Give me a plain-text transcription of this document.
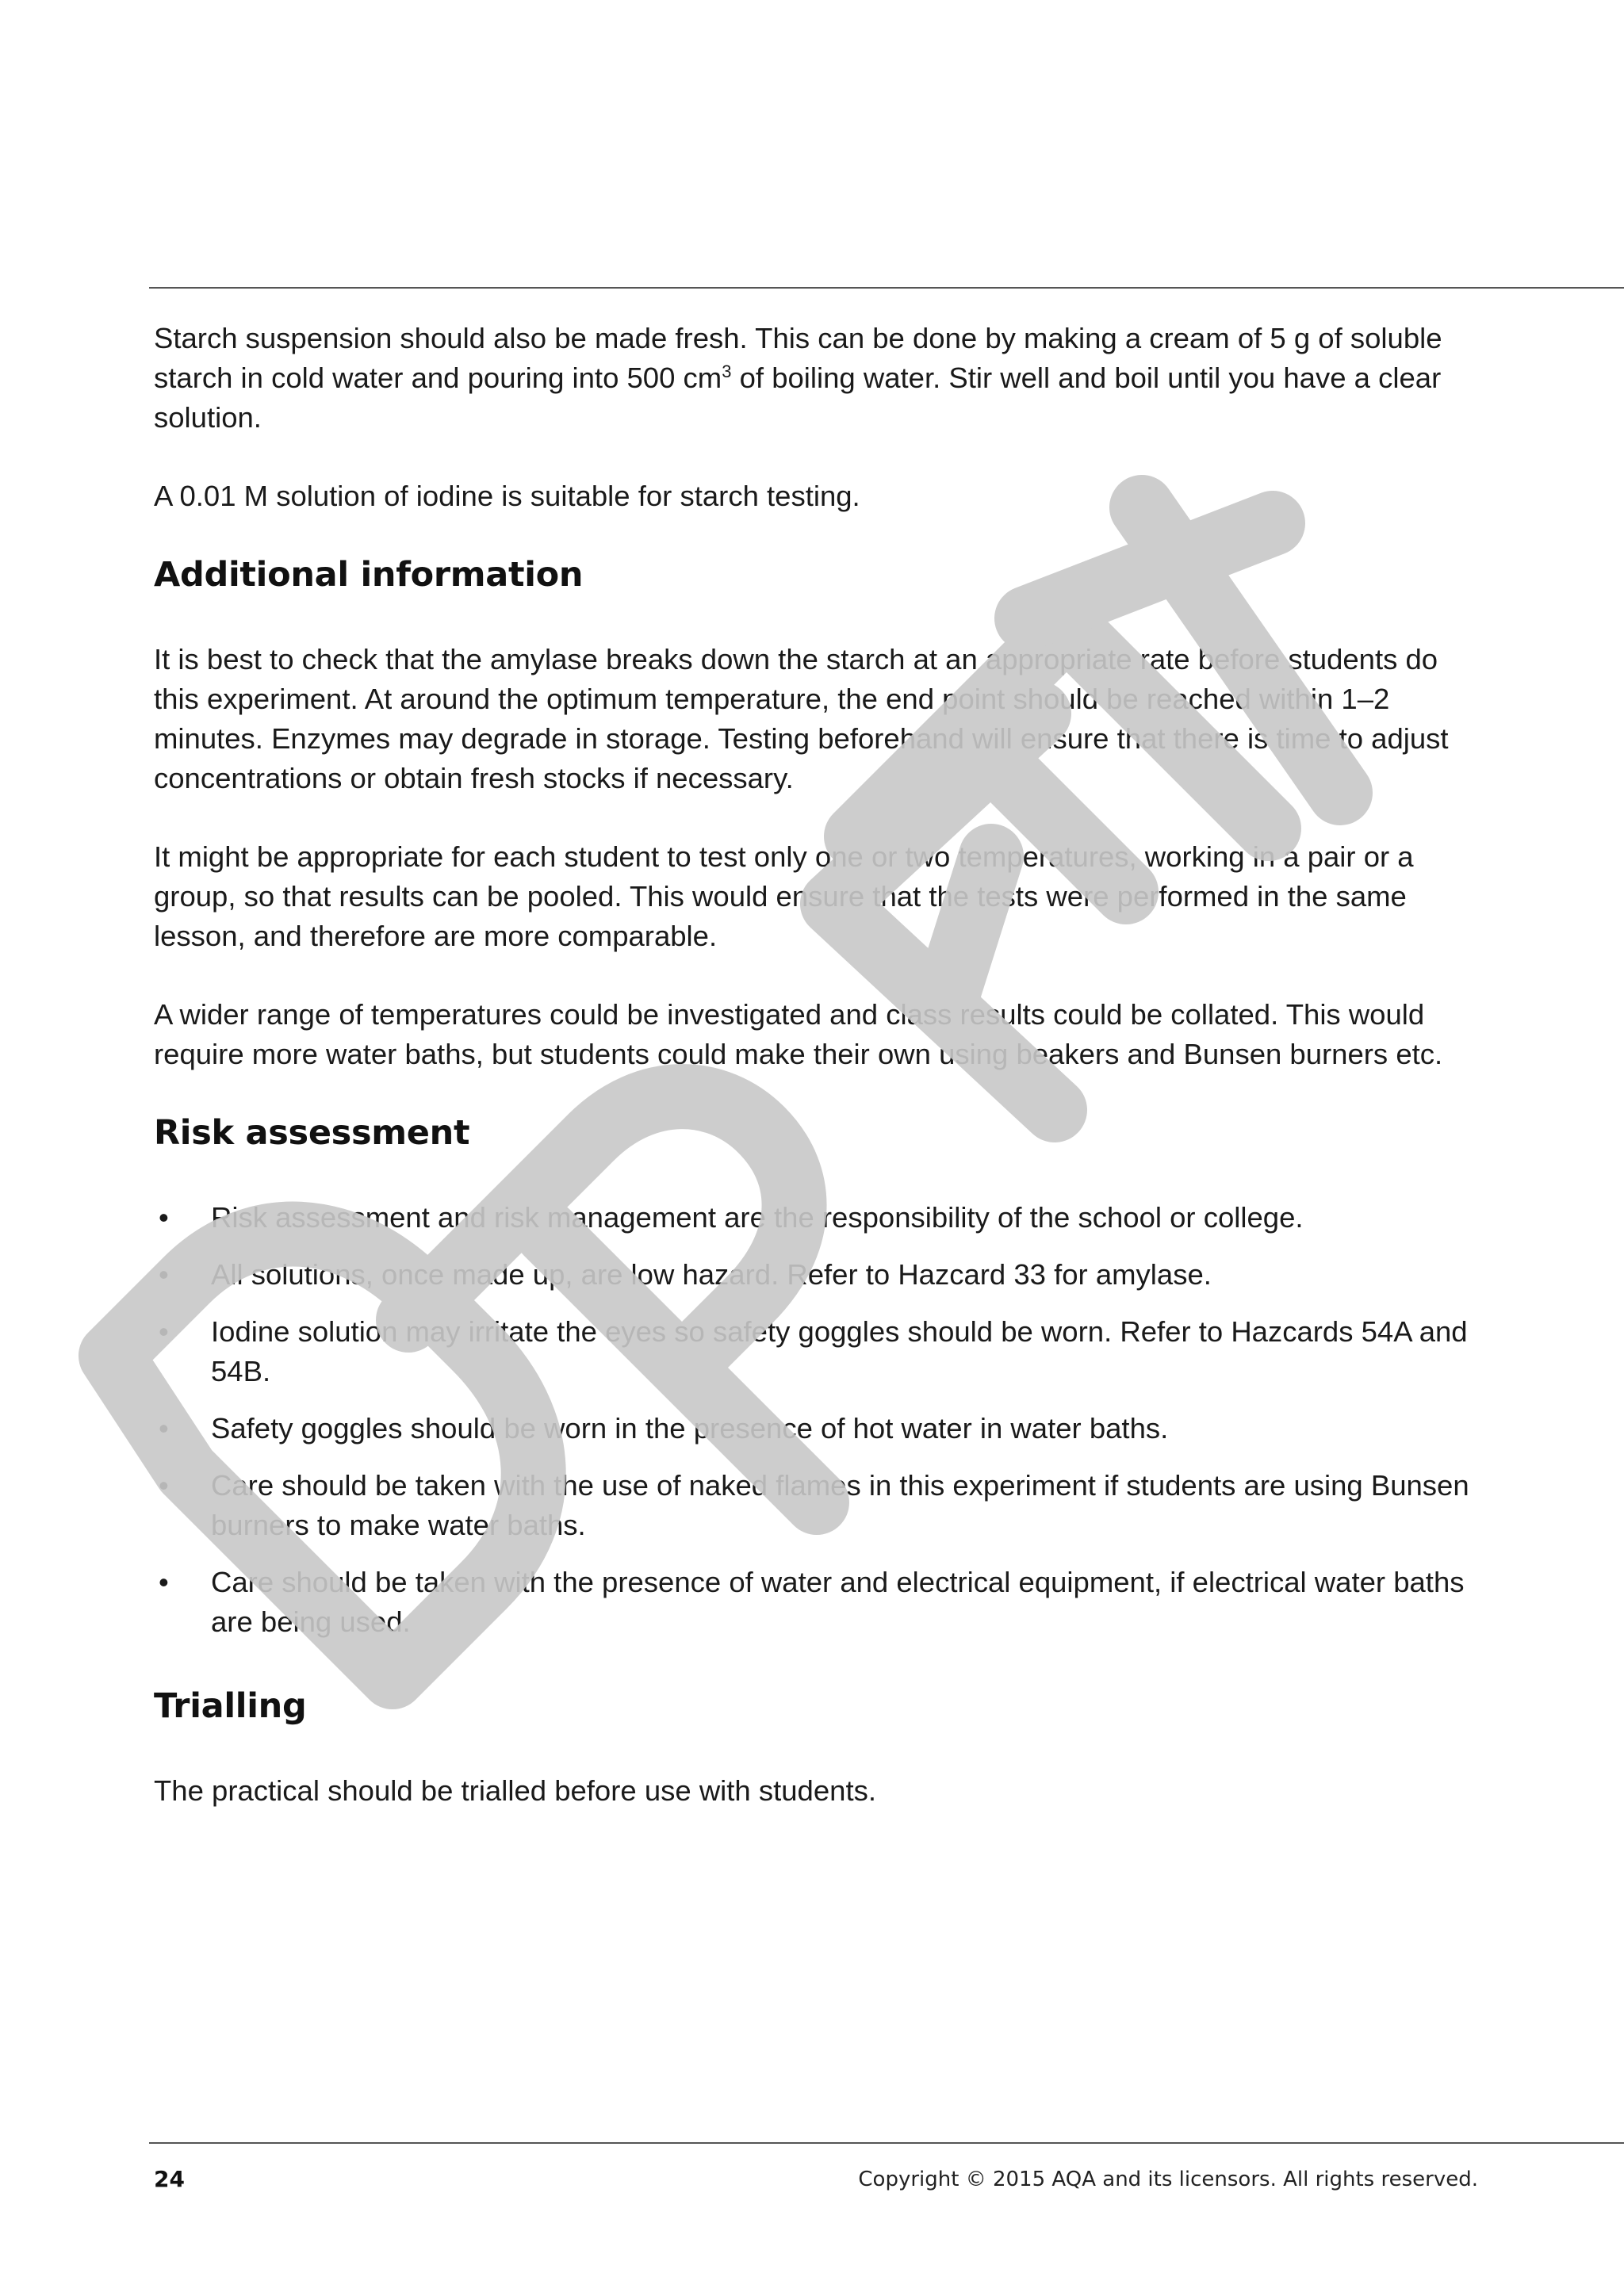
Starch suspension should also be made fresh. This can be done by making a cream of 5 g of soluble starch in cold water and pouring into 500 $cm^3$ of boiling water. Stir well and boil until you have a clear solution.

A 0.01 M solution of iodine is suitable for starch testing.

Additional information

It is best to check that the amylase breaks down the starch at an appropriate rate before students do this experiment. At around the optimum temperature, the end point should be reached within 1–2 minutes. Enzymes may degrade in storage. Testing beforehand will ensure that there is time to adjust concentrations or obtain fresh stocks if necessary.

It might be appropriate for each student to test only one or two temperatures, working in a pair or a group, so that results can be pooled. This would ensure that the tests were performed in the same lesson, and therefore are more comparable.

A wider range of temperatures could be investigated and class results could be collated. This would require more water baths, but students could make their own using beakers and Bunsen burners etc.

Risk assessment
• Risk assessment and risk management are the responsibility of the school or college.
• All solutions, once made up, are low hazard. Refer to Hazcard 33 for amylase.
• Iodine solution may irritate the eyes so safety goggles should be worn. Refer to Hazcards 54A and 54B.
• Safety goggles should be worn in the presence of hot water in water baths.
• Care should be taken with the use of naked flames in this experiment if students are using Bunsen burners to make water baths.
• Care should be taken with the presence of water and electrical equipment, if electrical water baths are being used.
Trialling

The practical should be trialled before use with students.

24	Copyright © 2015 AQA and its licensors. All rights reserved.
